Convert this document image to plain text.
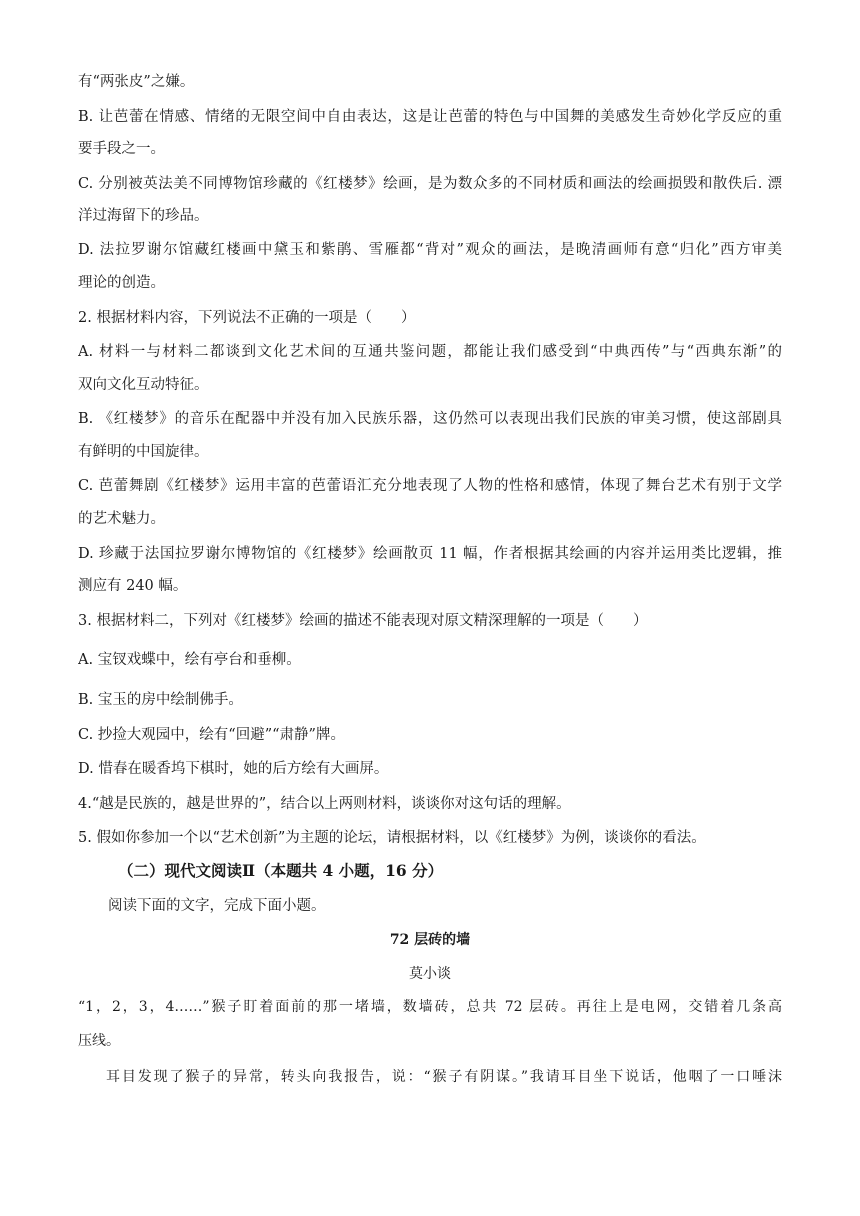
有“两张皮”之嫌。
B. 让芭蕾在情感、情绪的无限空间中自由表达，这是让芭蕾的特色与中国舞的美感发生奇妙化学反应的重
要手段之一。
C. 分别被英法美不同博物馆珍藏的《红楼梦》绘画，是为数众多的不同材质和画法的绘画损毁和散佚后. 漂
洋过海留下的珍品。
D. 法拉罗谢尔馆藏红楼画中黛玉和紫鹃、雪雁都“背对”观众的画法，是晚清画师有意“归化”西方审美
理论的创造。
2. 根据材料内容，下列说法不正确的一项是（　　）
A. 材料一与材料二都谈到文化艺术间的互通共鉴问题，都能让我们感受到“中典西传”与“西典东渐”的
双向文化互动特征。
B. 《红楼梦》的音乐在配器中并没有加入民族乐器，这仍然可以表现出我们民族的审美习惯，使这部剧具
有鲜明的中国旋律。
C. 芭蕾舞剧《红楼梦》运用丰富的芭蕾语汇充分地表现了人物的性格和感情，体现了舞台艺术有别于文学
的艺术魅力。
D. 珍藏于法国拉罗谢尔博物馆的《红楼梦》绘画散页 11 幅，作者根据其绘画的内容并运用类比逻辑，推
测应有 240 幅。
3. 根据材料二，下列对《红楼梦》绘画的描述不能表现对原文精深理解的一项是（　　）
A. 宝钗戏蝶中，绘有亭台和垂柳。
B. 宝玉的房中绘制佛手。
C. 抄捡大观园中，绘有“回避”“肃静”牌。
D. 惜春在暖香坞下棋时，她的后方绘有大画屏。
4.“越是民族的，越是世界的”，结合以上两则材料，谈谈你对这句话的理解。
5. 假如你参加一个以“艺术创新”为主题的论坛，请根据材料，以《红楼梦》为例，谈谈你的看法。
（二）现代文阅读Ⅱ（本题共 4 小题，16 分）
阅读下面的文字，完成下面小题。
72 层砖的墙
莫小谈
“1，2，3，4……”猴子盯着面前的那一堵墙，数墙砖，总共 72 层砖。再往上是电网，交错着几条高
压线。
耳目发现了猴子的异常，转头向我报告，说：“猴子有阴谋。”我请耳目坐下说话，他咽了一口唾沫
